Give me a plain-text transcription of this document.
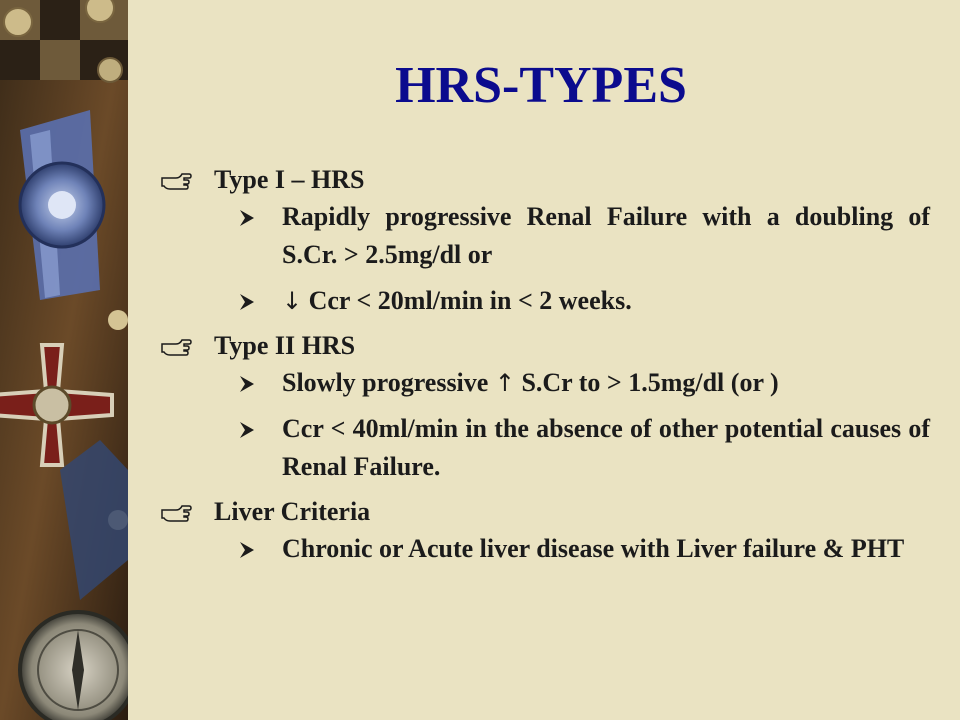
HRS-TYPES
Type I – HRS
Rapidly progressive Renal Failure with a doubling of S.Cr. > 2.5mg/dl or
↓ Ccr < 20ml/min in < 2 weeks.
Type II HRS
Slowly progressive ↑ S.Cr to > 1.5mg/dl (or )
Ccr < 40ml/min in the absence of other potential causes of Renal Failure.
Liver Criteria
Chronic or Acute liver disease with Liver failure & PHT
